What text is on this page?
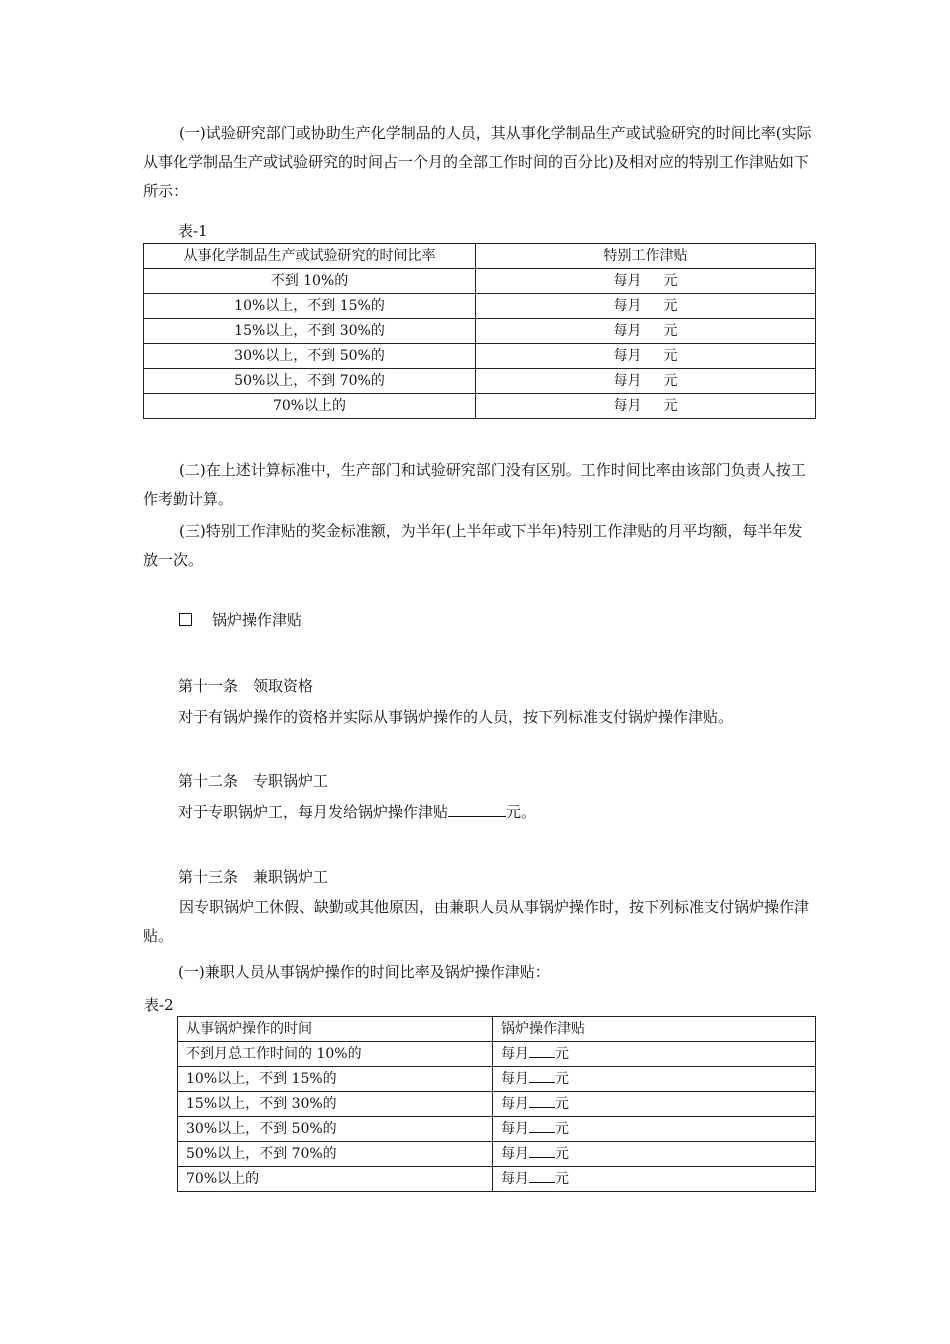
(一)试验研究部门或协助生产化学制品的人员，其从事化学制品生产或试验研究的时间比率(实际从事化学制品生产或试验研究的时间占一个月的全部工作时间的百分比)及相对应的特别工作津贴如下所示：

表-1
从事化学制品生产或试验研究的时间比率	特别工作津贴
不到 10%的	每月 元
10%以上，不到 15%的	每月 元
15%以上，不到 30%的	每月 元
30%以上，不到 50%的	每月 元
50%以上，不到 70%的	每月 元
70%以上的	每月 元

(二)在上述计算标准中，生产部门和试验研究部门没有区别。工作时间比率由该部门负责人按工作考勤计算。

(三)特别工作津贴的奖金标准额，为半年(上半年或下半年)特别工作津贴的月平均额，每半年发放一次。

锅炉操作津贴
第十一条　领取资格
对于有锅炉操作的资格并实际从事锅炉操作的人员，按下列标准支付锅炉操作津贴。
第十二条　专职锅炉工
对于专职锅炉工，每月发给锅炉操作津贴	元。
第十三条　兼职锅炉工

因专职锅炉工休假、缺勤或其他原因，由兼职人员从事锅炉操作时，按下列标准支付锅炉操作津贴。

(一)兼职人员从事锅炉操作的时间比率及锅炉操作津贴：
表-2
从事锅炉操作的时间	锅炉操作津贴
不到月总工作时间的 10%的	每月 元
10%以上，不到 15%的	每月 元
15%以上，不到 30%的	每月 元
30%以上，不到 50%的	每月 元
50%以上，不到 70%的	每月 元
70%以上的	每月 元
